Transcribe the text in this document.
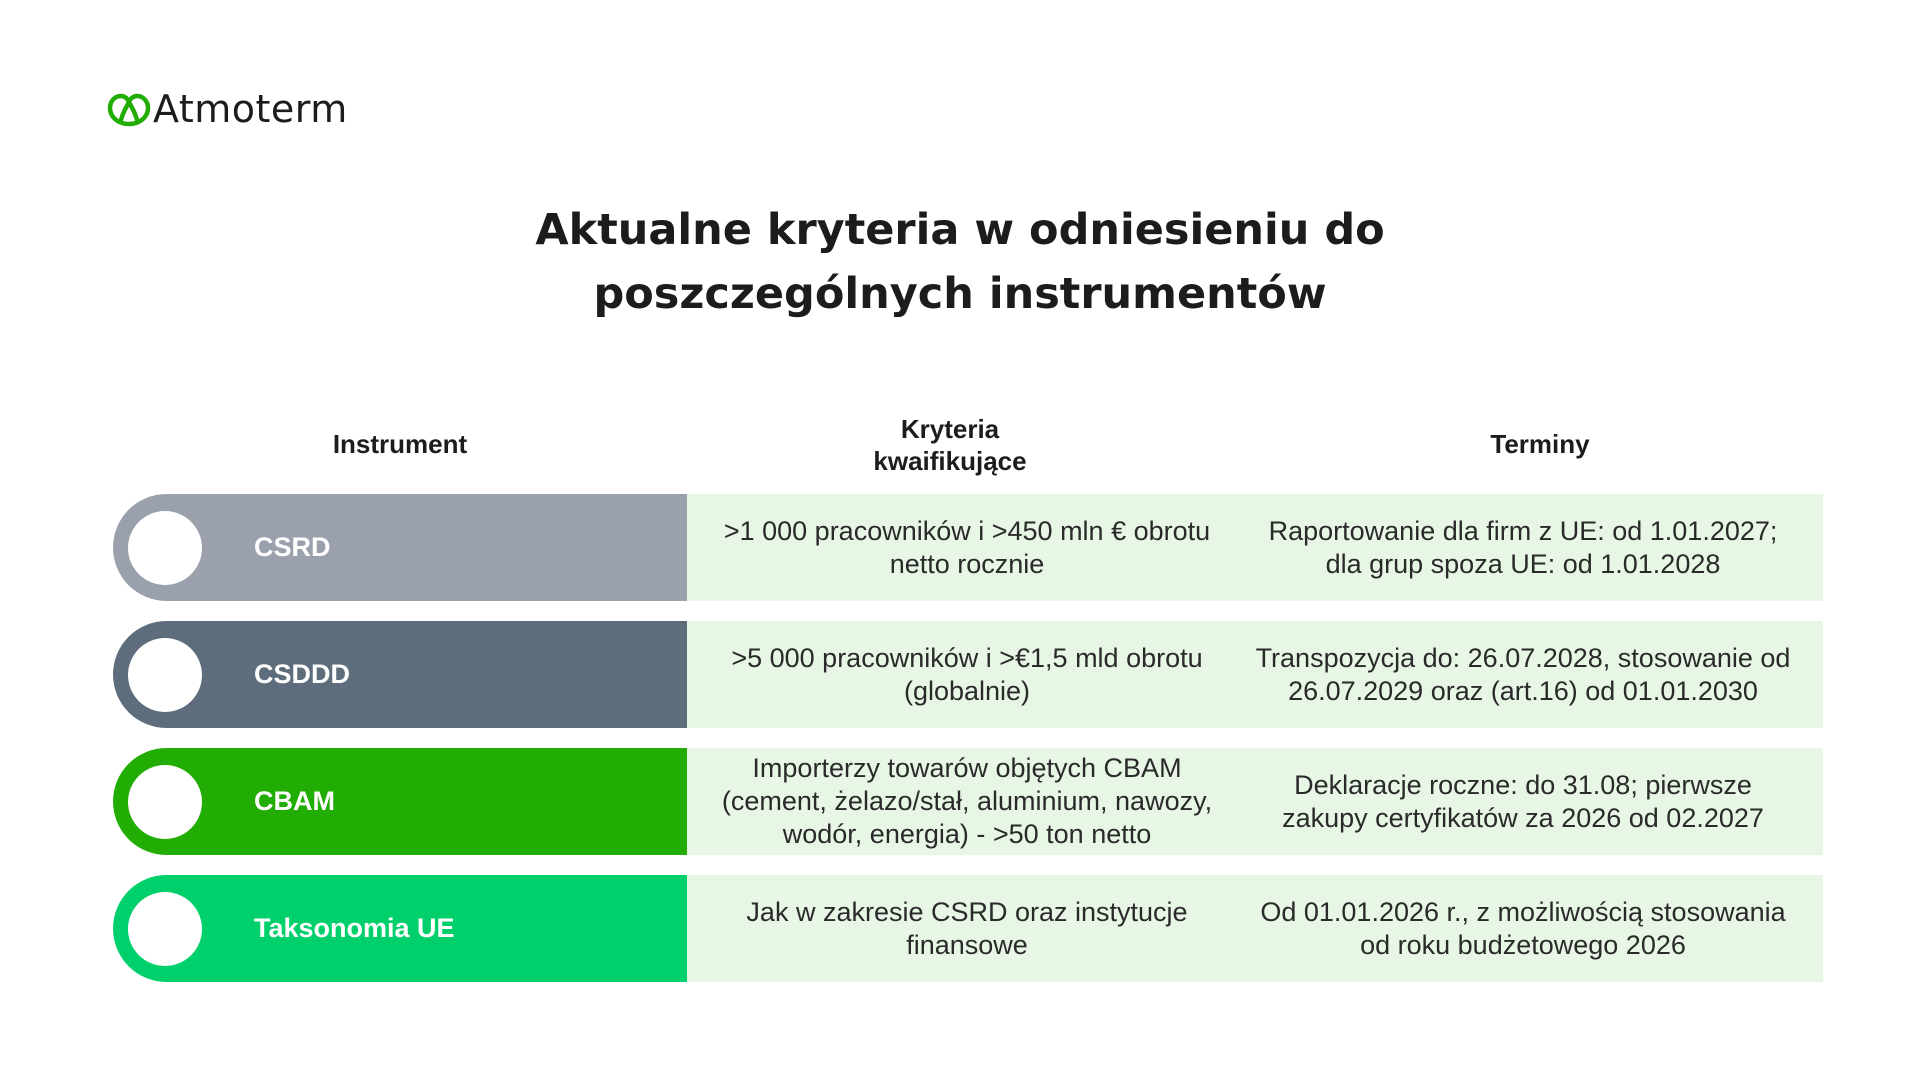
Atmoterm
Aktualne kryteria w odniesieniu do poszczególnych instrumentów
Instrument	Kryteria kwaifikujące
Terminy
CSRD
>1 000 pracowników i >450 mln € obrotu netto rocznie
Raportowanie dla firm z UE: od 1.01.2027; dla grup spoza UE: od 1.01.2028
CSDDD
>5 000 pracowników i >€1,5 mld obrotu (globalnie)
Transpozycja do: 26.07.2028, stosowanie od 26.07.2029 oraz (art.16) od 01.01.2030
CBAM
Importerzy towarów objętych CBAM (cement, żelazo/stał, aluminium, nawozy, wodór, energia) - >50 ton netto
Deklaracje roczne: do 31.08; pierwsze zakupy certyfikatów za 2026 od 02.2027
Taksonomia UE
Jak w zakresie CSRD oraz instytucje finansowe
Od 01.01.2026 r., z możliwością stosowania od roku budżetowego 2026
